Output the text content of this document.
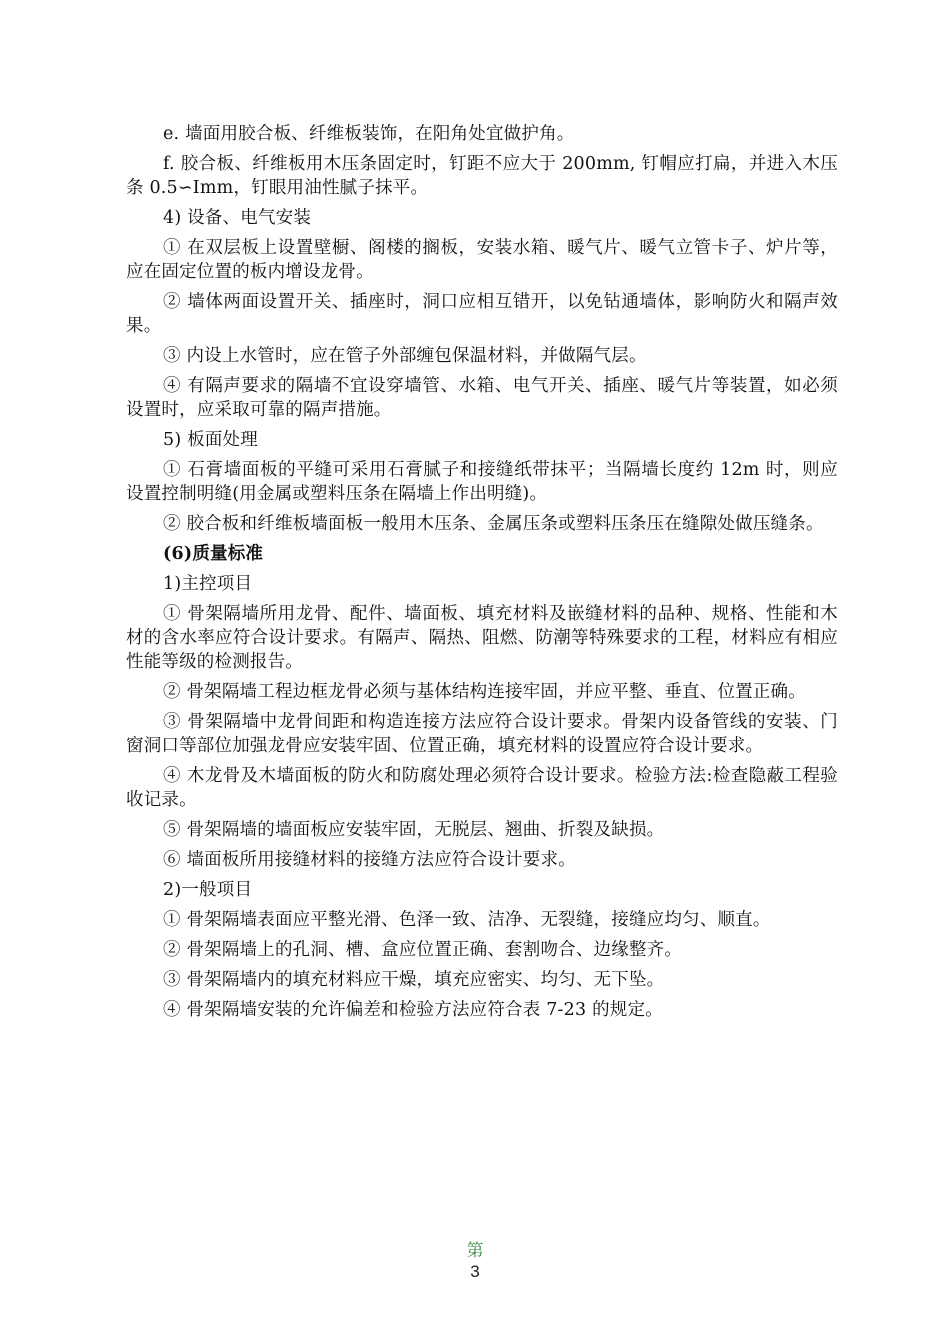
e. 墙面用胶合板、纤维板装饰，在阳角处宜做护角。

f. 胶合板、纤维板用木压条固定时，钉距不应大于 200mm, 钉帽应打扁，并进入木压条 0.5∽Imm，钉眼用油性腻子抹平。

4) 设备、电气安装

① 在双层板上设置壁橱、阁楼的搁板，安装水箱、暖气片、暖气立管卡子、炉片等，应在固定位置的板内增设龙骨。

② 墙体两面设置开关、插座时，洞口应相互错开，以免钻通墙体，影响防火和隔声效果。

③ 内设上水管时，应在管子外部缠包保温材料，并做隔气层。

④ 有隔声要求的隔墙不宜设穿墙管、水箱、电气开关、插座、暖气片等装置，如必须设置时，应采取可靠的隔声措施。

5) 板面处理

① 石膏墙面板的平缝可采用石膏腻子和接缝纸带抹平；当隔墙长度约 12m 时，则应设置控制明缝(用金属或塑料压条在隔墙上作出明缝)。

② 胶合板和纤维板墙面板一般用木压条、金属压条或塑料压条压在缝隙处做压缝条。

(6)质量标准

1)主控项目

① 骨架隔墙所用龙骨、配件、墙面板、填充材料及嵌缝材料的品种、规格、性能和木材的含水率应符合设计要求。有隔声、隔热、阻燃、防潮等特殊要求的工程，材料应有相应性能等级的检测报告。

② 骨架隔墙工程边框龙骨必须与基体结构连接牢固，并应平整、垂直、位置正确。

③ 骨架隔墙中龙骨间距和构造连接方法应符合设计要求。骨架内设备管线的安装、门窗洞口等部位加强龙骨应安装牢固、位置正确，填充材料的设置应符合设计要求。

④ 木龙骨及木墙面板的防火和防腐处理必须符合设计要求。检验方法:检查隐蔽工程验收记录。

⑤ 骨架隔墙的墙面板应安装牢固，无脱层、翘曲、折裂及缺损。

⑥ 墙面板所用接缝材料的接缝方法应符合设计要求。

2)一般项目

① 骨架隔墙表面应平整光滑、色泽一致、洁净、无裂缝，接缝应均匀、顺直。

② 骨架隔墙上的孔洞、槽、盒应位置正确、套割吻合、边缘整齐。

③ 骨架隔墙内的填充材料应干燥，填充应密实、均匀、无下坠。

④ 骨架隔墙安装的允许偏差和检验方法应符合表 7-23 的规定。

第
3
